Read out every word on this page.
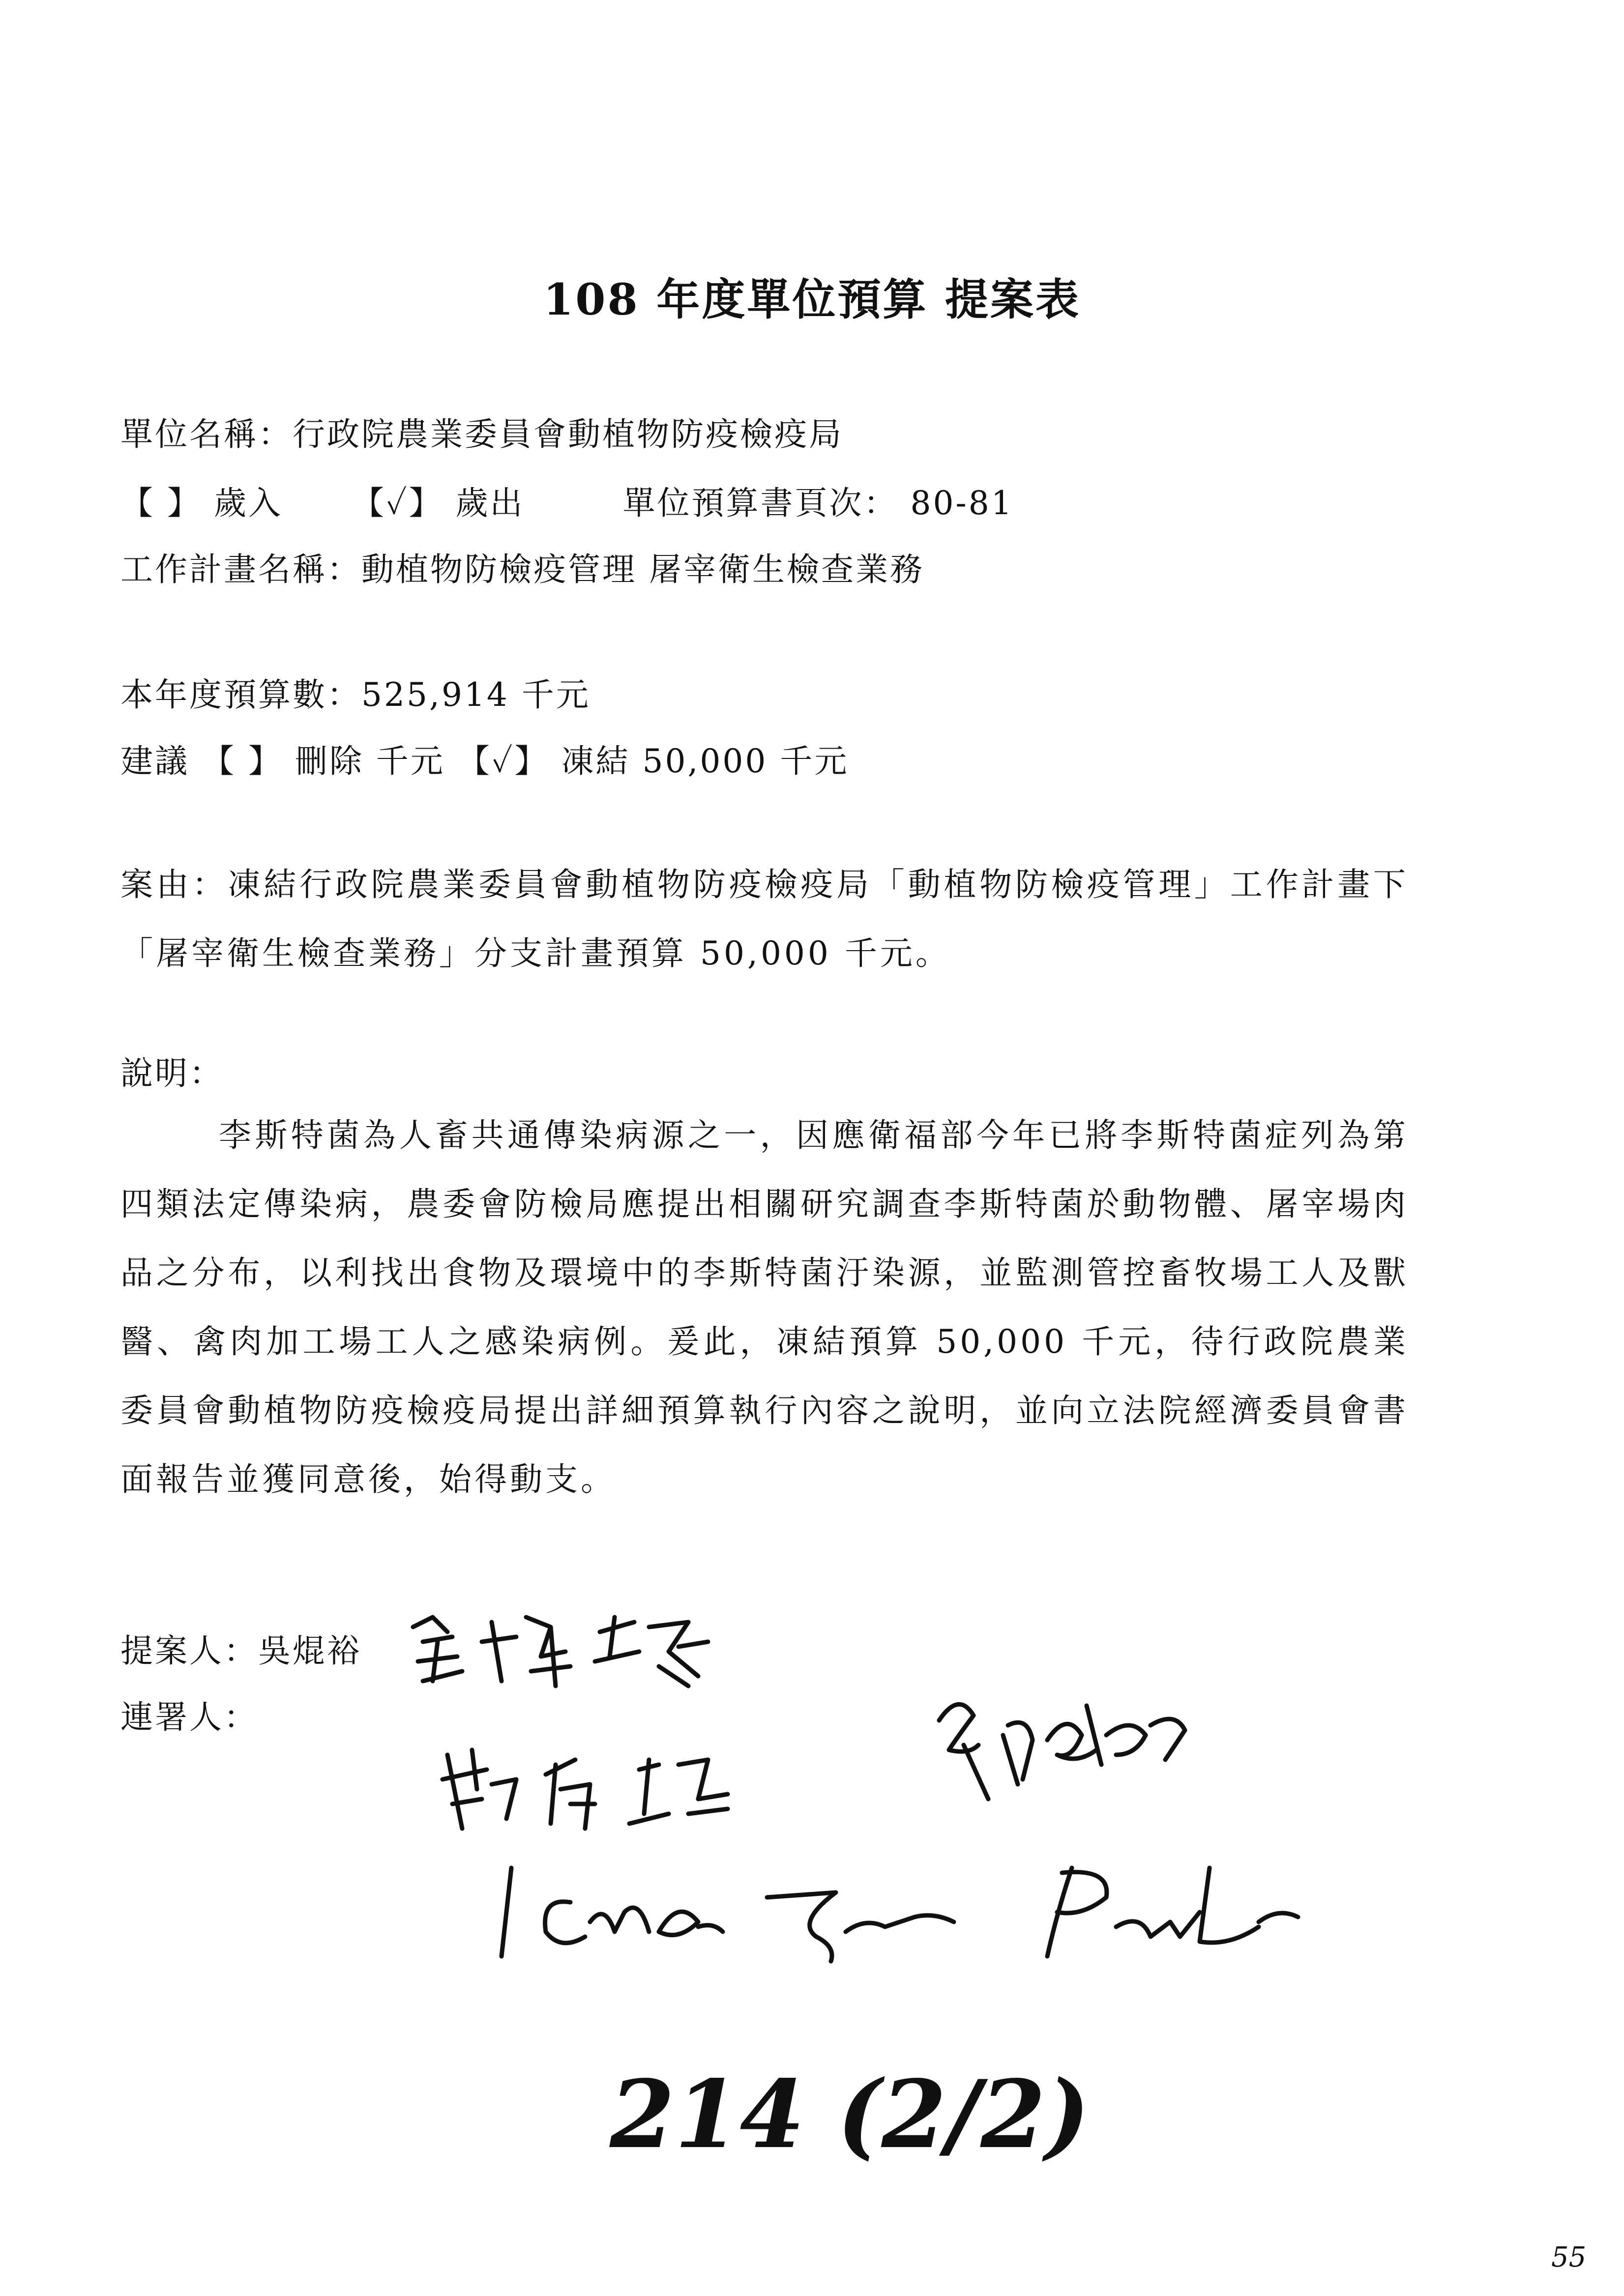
108 年度單位預算 提案表
單位名稱：行政院農業委員會動植物防疫檢疫局
【 】 歲入 【✓】 歲出	單位預算書頁次： 80-81
工作計畫名稱：動植物防檢疫管理 屠宰衛生檢查業務
本年度預算數：525,914 千元
建議 【 】 刪除 千元 【✓】 凍結 50,000 千元
案由：凍結行政院農業委員會動植物防疫檢疫局「動植物防檢疫管理」工作計畫下「屠宰衛生檢查業務」分支計畫預算 50,000 千元。
說明：
李斯特菌為人畜共通傳染病源之一，因應衛福部今年已將李斯特菌症列為第四類法定傳染病，農委會防檢局應提出相關研究調查李斯特菌於動物體、屠宰場肉品之分布，以利找出食物及環境中的李斯特菌汙染源，並監測管控畜牧場工人及獸醫、禽肉加工場工人之感染病例。爰此，凍結預算 50,000 千元，待行政院農業委員會動植物防疫檢疫局提出詳細預算執行內容之說明，並向立法院經濟委員會書面報告並獲同意後，始得動支。
提案人：吳焜裕
連署人：
214 (2/2)
55
